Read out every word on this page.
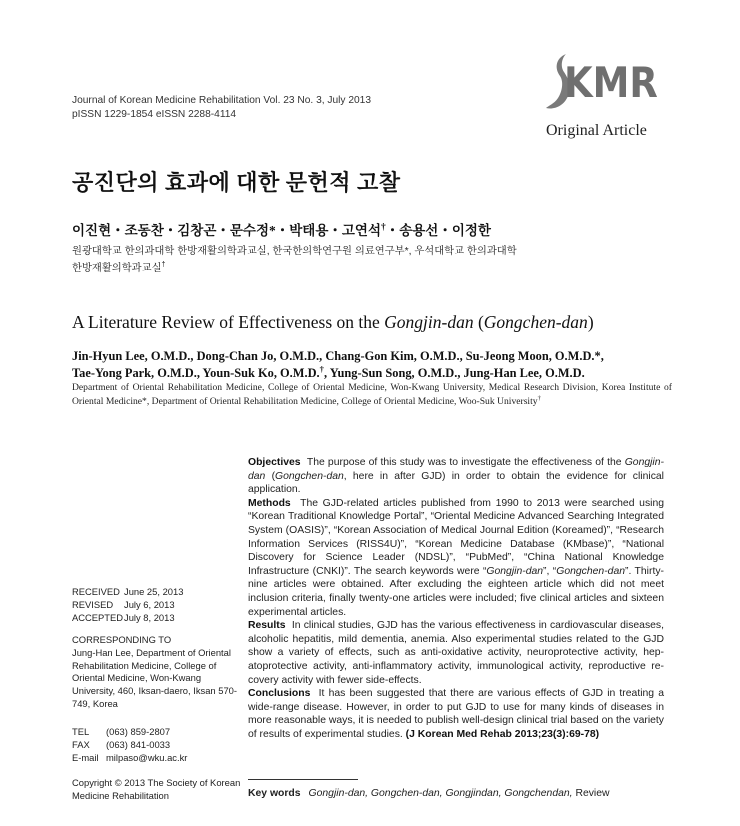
Journal of Korean Medicine Rehabilitation Vol. 23 No. 3, July 2013
pISSN 1229-1854 eISSN 2288-4114
KMR
Original Article
공진단의 효과에 대한 문헌적 고찰
이진현・조동찬・김창곤・문수정*・박태용・고연석†・송용선・이정한
원광대학교 한의과대학 한방재활의학과교실, 한국한의학연구원 의료연구부*, 우석대학교 한의과대학
한방재활의학과교실†
A Literature Review of Effectiveness on the Gongjin-dan (Gongchen-dan)
Jin-Hyun Lee, O.M.D., Dong-Chan Jo, O.M.D., Chang-Gon Kim, O.M.D., Su-Jeong Moon, O.M.D.*,
Tae-Yong Park, O.M.D., Youn-Suk Ko, O.M.D.†, Yung-Sun Song, O.M.D., Jung-Han Lee, O.M.D.
Department of Oriental Rehabilitation Medicine, College of Oriental Medicine, Won-Kwang University, Medical Research Division, Korea Institute of Oriental Medicine*, Department of Oriental Rehabilitation Medicine, College of Oriental Medicine, Woo-Suk University†

Objectives The purpose of this study was to investigate the effectiveness of the Gongjin-dan (Gongchen-dan, here in after GJD) in order to obtain the evidence for clinical application.

Methods The GJD-related articles published from 1990 to 2013 were searched using “Korean Traditional Knowledge Portal”, “Oriental Medicine Advanced Searching Integrated System (OASIS)”, “Korean Association of Medical Journal Edition (Koreamed)”, “Research Information Services (RISS4U)”, “Korean Medicine Database (KMbase)”, “National Discovery for Science Leader (NDSL)”, “PubMed”, “China National Knowledge Infrastructure (CNKI)”. The search keywords were “Gongjin-dan”, “Gongchen-dan”. Thirty-nine articles were obtained. After excluding the eighteen article which did not meet inclusion criteria, finally twenty-one articles were included; five clinical articles and sixteen experimental articles.

Results In clinical studies, GJD has the various effectiveness in cardiovascular diseases, alcoholic hepatitis, mild dementia, anemia. Also experimental studies related to the GJD show a variety of effects, such as anti-oxidative activity, neuroprotective activity, hep-atoprotective activity, anti-inflammatory activity, immunological activity, reproductive re-covery activity with fewer side-effects.

Conclusions It has been suggested that there are various effects of GJD in treating a wide-range disease. However, in order to put GJD to use for many kinds of diseases in more reasonable ways, it is needed to publish well-design clinical trial based on the variety of results of experimental studies. (J Korean Med Rehab 2013;23(3):69-78)

RECEIVED June 25, 2013
REVISED July 6, 2013
ACCEPTEDJuly 8, 2013
CORRESPONDING TO
Jung-Han Lee, Department of Oriental Rehabilitation Medicine, College of Oriental Medicine, Won-Kwang University, 460, Iksan-daero, Iksan 570-749, Korea
TEL (063) 859-2807
FAX (063) 841-0033
E-mail milpaso@wku.ac.kr
Copyright © 2013 The Society of Korean Medicine Rehabilitation	Key words Gongjin-dan, Gongchen-dan, Gongjindan, Gongchendan, Review
